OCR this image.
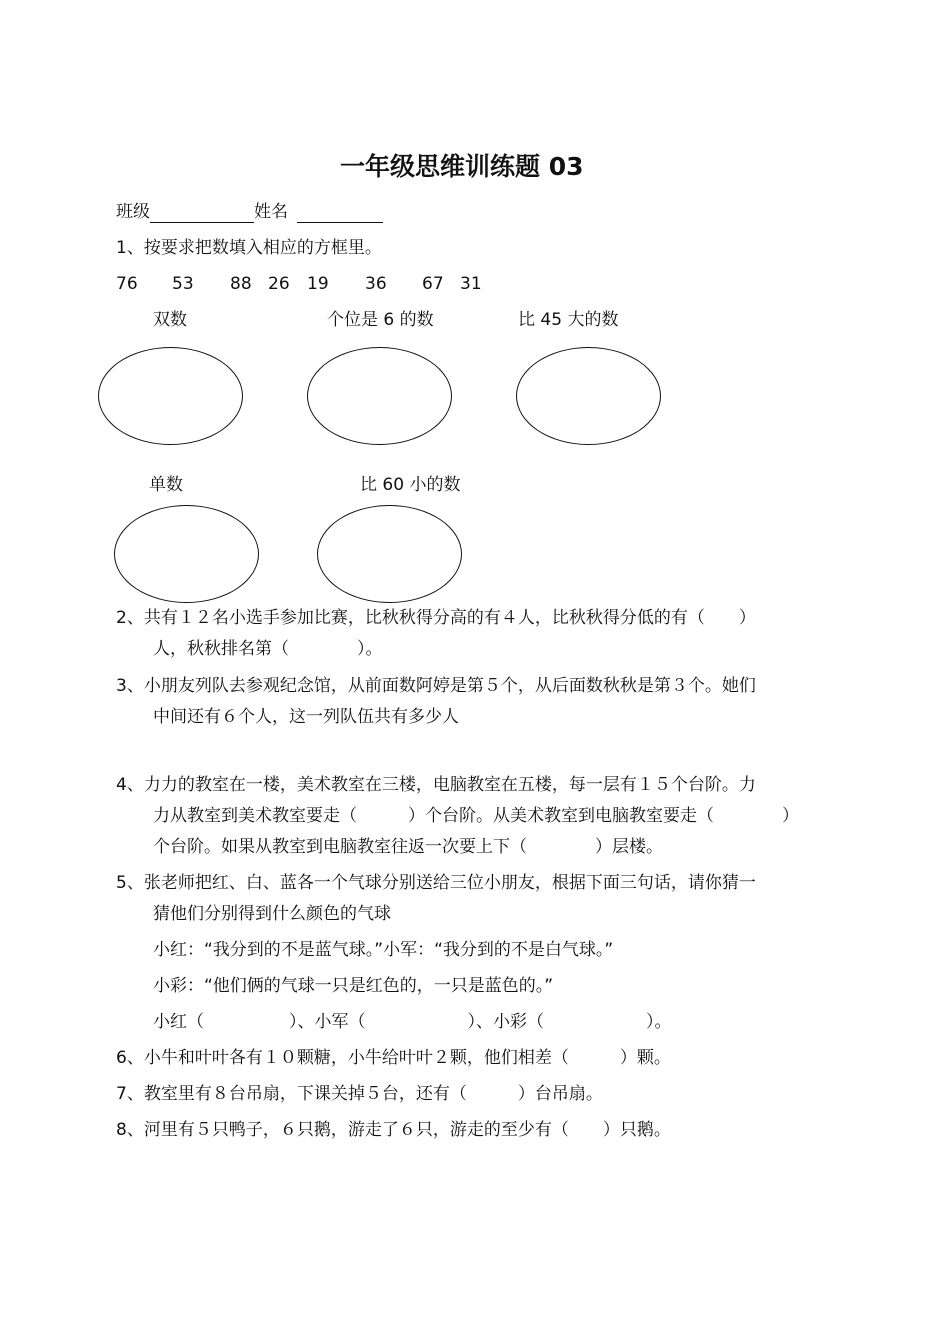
一年级思维训练题 03
班级	姓名
1、按要求把数填入相应的方框里。
76 53 88 26 19 36 67 31
双数	个位是 6 的数	比 45 大的数
单数	比 60 小的数
2、共有１２名小选手参加比赛，比秋秋得分高的有４人，比秋秋得分低的有（　　）
人，秋秋排名第（　　　　）。
3、小朋友列队去参观纪念馆，从前面数阿婷是第５个，从后面数秋秋是第３个。她们
中间还有６个人，这一列队伍共有多少人
4、力力的教室在一楼，美术教室在三楼，电脑教室在五楼，每一层有１５个台阶。力
力从教室到美术教室要走（　　　）个台阶。从美术教室到电脑教室要走（　　　　）
个台阶。如果从教室到电脑教室往返一次要上下（　　　　）层楼。
5、张老师把红、白、蓝各一个气球分别送给三位小朋友，根据下面三句话，请你猜一
猜他们分别得到什么颜色的气球
小红：“我分到的不是蓝气球。”小军：“我分到的不是白气球。”
小彩：“他们俩的气球一只是红色的，一只是蓝色的。”
小红（　　　　　）、小军（　　　　　　）、小彩（　　　　　　）。
6、小牛和叶叶各有１０颗糖，小牛给叶叶２颗，他们相差（　　　）颗。
7、教室里有８台吊扇，下课关掉５台，还有（　　　）台吊扇。
8、河里有５只鸭子，６只鹅，游走了６只，游走的至少有（　　）只鹅。
